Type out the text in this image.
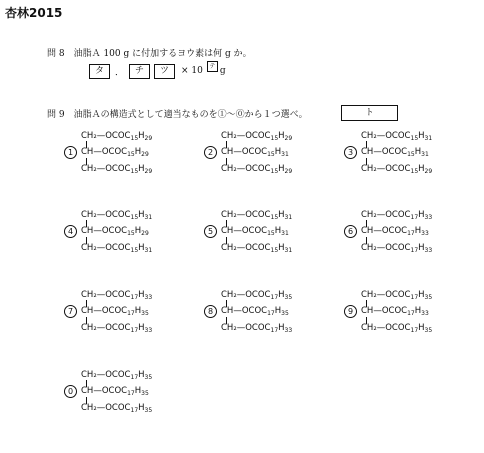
杏林2015
問 8　油脂Ａ 100 g に付加するヨウ素は何 g か。
タ	．	チ	ツ	× 10	テ g
問 9　油脂Ａの構造式として適当なものを①～⓪から１つ選べ。	ト
1
$CH_2—OCOC_{15}H_{29}$
$CH—OCOC_{15}H_{29}$
$CH_2—OCOC_{15}H_{29}$
2
$CH_2—OCOC_{15}H_{29}$
$CH—OCOC_{15}H_{31}$
$CH_2—OCOC_{15}H_{29}$
3
$CH_2—OCOC_{15}H_{31}$
$CH—OCOC_{15}H_{31}$
$CH_2—OCOC_{15}H_{29}$
4
$CH_2—OCOC_{15}H_{31}$
$CH—OCOC_{15}H_{29}$
$CH_2—OCOC_{15}H_{31}$
5
$CH_2—OCOC_{15}H_{31}$
$CH—OCOC_{15}H_{31}$
$CH_2—OCOC_{15}H_{31}$
6
$CH_2—OCOC_{17}H_{33}$
$CH—OCOC_{17}H_{33}$
$CH_2—OCOC_{17}H_{33}$
7
$CH_2—OCOC_{17}H_{33}$
$CH—OCOC_{17}H_{35}$
$CH_2—OCOC_{17}H_{33}$
8
$CH_2—OCOC_{17}H_{35}$
$CH—OCOC_{17}H_{35}$
$CH_2—OCOC_{17}H_{33}$
9
$CH_2—OCOC_{17}H_{35}$
$CH—OCOC_{17}H_{33}$
$CH_2—OCOC_{17}H_{35}$
0
$CH_2—OCOC_{17}H_{35}$
$CH—OCOC_{17}H_{35}$
$CH_2—OCOC_{17}H_{35}$
